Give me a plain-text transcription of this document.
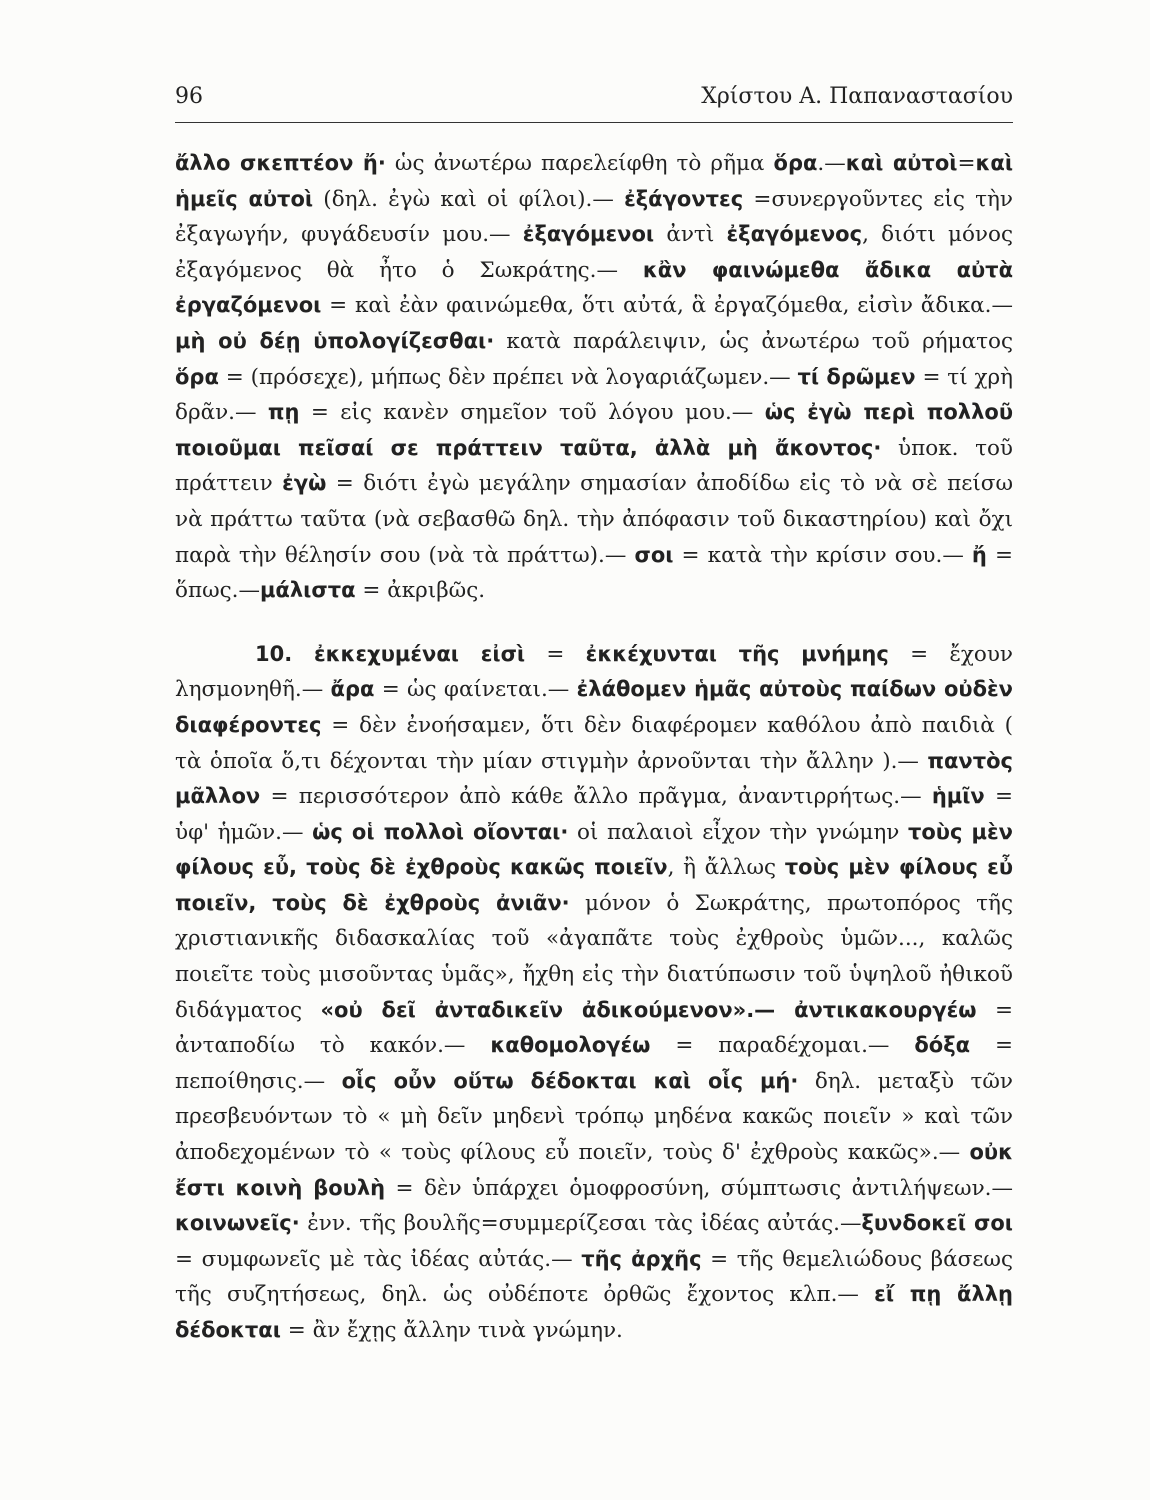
96	Χρίστου Α. Παπαναστασίου

ἄλλο σκεπτέον ἤ· ὡς ἀνωτέρω παρελείφθη τὸ ρῆμα ὅρα.—καὶ αὐτοὶ=καὶ ἡμεῖς αὐτοὶ (δηλ. ἐγὼ καὶ οἱ φίλοι).— ἐξάγοντες =συνεργοῦντες εἰς τὴν ἐξαγωγήν, φυγάδευσίν μου.— ἐξαγόμενοι ἀντὶ ἐξαγόμενος, διότι μόνος ἐξαγόμενος θὰ ἦτο ὁ Σωκράτης.— κἂν φαινώμεθα ἄδικα αὐτὰ ἐργαζόμενοι = καὶ ἐὰν φαινώμεθα, ὅτι αὐτά, ἃ ἐργαζόμεθα, εἰσὶν ἄδικα.— μὴ οὐ δέῃ ὑπολογίζεσθαι· κατὰ παράλειψιν, ὡς ἀνωτέρω τοῦ ρήματος ὅρα = (πρόσεχε), μήπως δὲν πρέπει νὰ λογαριάζωμεν.— τί δρῶμεν = τί χρὴ δρᾶν.— πῃ = εἰς κανὲν σημεῖον τοῦ λόγου μου.— ὡς ἐγὼ περὶ πολλοῦ ποιοῦμαι πεῖσαί σε πράττειν ταῦτα, ἀλλὰ μὴ ἄκοντος· ὑποκ. τοῦ πράττειν ἐγὼ = διότι ἐγὼ μεγάλην σημασίαν ἀποδίδω εἰς τὸ νὰ σὲ πείσω νὰ πράττω ταῦτα (νὰ σεβασθῶ δηλ. τὴν ἀπόφασιν τοῦ δικαστηρίου) καὶ ὄχι παρὰ τὴν θέλησίν σου (νὰ τὰ πράττω).— σοι = κατὰ τὴν κρίσιν σου.— ἤ = ὅπως.—μάλιστα = ἀκριβῶς.

10. ἐκκεχυμέναι εἰσὶ = ἐκκέχυνται τῆς μνήμης = ἔχουν λησμονηθῆ.— ἄρα = ὡς φαίνεται.— ἐλάθομεν ἡμᾶς αὐτοὺς παίδων οὐδὲν διαφέροντες = δὲν ἐνοήσαμεν, ὅτι δὲν διαφέρομεν καθόλου ἀπὸ παιδιὰ ( τὰ ὁποῖα ὅ,τι δέχονται τὴν μίαν στιγμὴν ἀρνοῦνται τὴν ἄλλην ).— παντὸς μᾶλλον = περισσότερον ἀπὸ κάθε ἄλλο πρᾶγμα, ἀναντιρρήτως.— ἡμῖν = ὑφ' ἡμῶν.— ὡς οἱ πολλοὶ οἴονται· οἱ παλαιοὶ εἶχον τὴν γνώμην τοὺς μὲν φίλους εὖ, τοὺς δὲ ἐχθροὺς κακῶς ποιεῖν, ἢ ἄλλως τοὺς μὲν φίλους εὖ ποιεῖν, τοὺς δὲ ἐχθροὺς ἀνιᾶν· μόνον ὁ Σωκράτης, πρωτοπόρος τῆς χριστιανικῆς διδασκαλίας τοῦ «ἀγαπᾶτε τοὺς ἐχθροὺς ὑμῶν..., καλῶς ποιεῖτε τοὺς μισοῦντας ὑμᾶς», ἤχθη εἰς τὴν διατύπωσιν τοῦ ὑψηλοῦ ἠθικοῦ διδάγματος «οὐ δεῖ ἀνταδικεῖν ἀδικούμενον».— ἀντικακουργέω = ἀνταποδίω τὸ κακόν.— καθομολογέω = παραδέχομαι.— δόξα = πεποίθησις.— οἷς οὖν οὕτω δέδοκται καὶ οἷς μή· δηλ. μεταξὺ τῶν πρεσβευόντων τὸ « μὴ δεῖν μηδενὶ τρόπῳ μηδένα κακῶς ποιεῖν » καὶ τῶν ἀποδεχομένων τὸ « τοὺς φίλους εὖ ποιεῖν, τοὺς δ' ἐχθροὺς κακῶς».— οὐκ ἔστι κοινὴ βουλὴ = δὲν ὑπάρχει ὁμοφροσύνη, σύμπτωσις ἀντιλήψεων.—κοινωνεῖς· ἐνν. τῆς βουλῆς=συμμερίζεσαι τὰς ἰδέας αὐτάς.—ξυνδοκεῖ σοι = συμφωνεῖς μὲ τὰς ἰδέας αὐτάς.— τῆς ἀρχῆς = τῆς θεμελιώδους βάσεως τῆς συζητήσεως, δηλ. ὡς οὐδέποτε ὀρθῶς ἔχοντος κλπ.— εἴ πῃ ἄλλῃ δέδοκται = ἂν ἔχῃς ἄλλην τινὰ γνώμην.
